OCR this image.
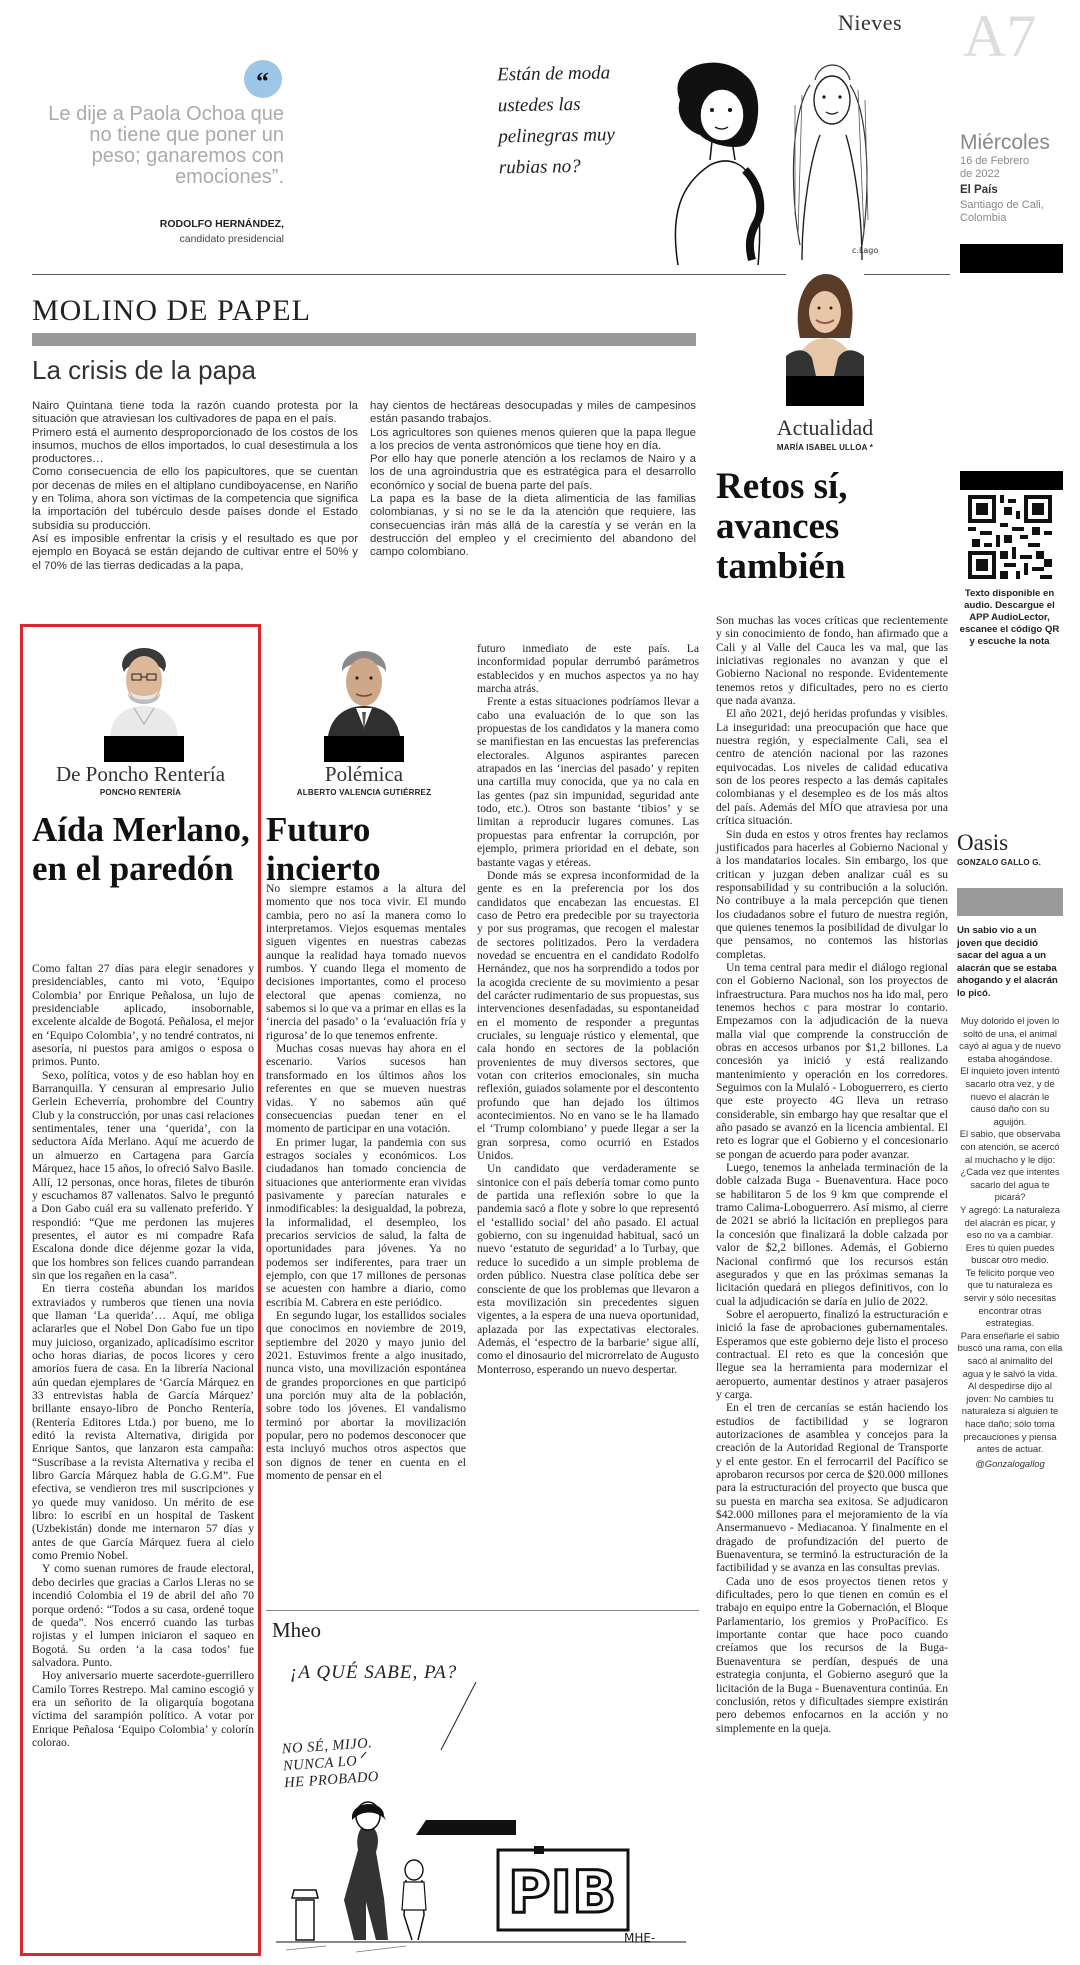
Nieves A7
Miércoles
16 de Febrero
de 2022
El País
Santiago de Cali,
Colombia
“
Le dije a Paola Ochoa que no tiene que poner un peso; ganaremos con emociones”.
RODOLFO HERNÁNDEZ,
candidato presidencial
c.Lago
Están de moda ustedes las pelinegras muy rubias no?
MOLINO DE PAPEL
La crisis de la papa
Nairo Quintana tiene toda la razón cuando protesta por la situación que atraviesan los cultivadores de papa en el país.
Primero está el aumento desproporcionado de los costos de los insumos, muchos de ellos importados, lo cual desestimula a los productores…
Como consecuencia de ello los papicultores, que se cuentan por decenas de miles en el altiplano cundiboyacense, en Nariño y en Tolima, ahora son víctimas de la competencia que significa la importación del tubérculo desde países donde el Estado subsidia su producción.
Así es imposible enfrentar la crisis y el resultado es que por ejemplo en Boyacá se están dejando de cultivar entre el 50% y el 70% de las tierras dedicadas a la papa,
hay cientos de hectáreas desocupadas y miles de campesinos están pasando trabajos.
Los agricultores son quienes menos quieren que la papa llegue a los precios de venta astronómicos que tiene hoy en día.
Por ello hay que ponerle atención a los reclamos de Nairo y a los de una agroindustria que es estratégica para el desarrollo económico y social de buena parte del país.
La papa es la base de la dieta alimenticia de las familias colombianas, y si no se le da la atención que requiere, las consecuencias irán más allá de la carestía y se verán en la destrucción del empleo y el crecimiento del abandono del campo colombiano.
Actualidad
MARÍA ISABEL ULLOA *
Retos sí, avances también

Son muchas las voces críticas que recientemente y sin conocimiento de fondo, han afirmado que a Cali y al Valle del Cauca les va mal, que las iniciativas regionales no avanzan y que el Gobierno Nacional no responde. Evidentemente tenemos retos y dificultades, pero no es cierto que nada avanza.

El año 2021, dejó heridas profundas y visibles. La inseguridad: una preocupación que hace que nuestra región, y especialmente Cali, sea el centro de atención nacional por las razones equivocadas. Los niveles de calidad educativa son de los peores respecto a las demás capitales colombianas y el desempleo es de los más altos del país. Además del MÍO que atraviesa por una crítica situación.

Sin duda en estos y otros frentes hay reclamos justificados para hacerles al Gobierno Nacional y a los mandatarios locales. Sin embargo, los que critican y juzgan deben analizar cuál es su responsabilidad y su contribución a la solución. No contribuye a la mala percepción que tienen los ciudadanos sobre el futuro de nuestra región, que quienes tenemos la posibilidad de divulgar lo que pensamos, no contemos las historias completas.

Un tema central para medir el diálogo regional con el Gobierno Nacional, son los proyectos de infraestructura. Para muchos nos ha ido mal, pero tenemos hechos c para mostrar lo contario. Empezamos con la adjudicación de la nueva malla vial que comprende la construcción de obras en accesos urbanos por $1,2 billones. La concesión ya inició y está realizando mantenimiento y operación en los corredores. Seguimos con la Mulaló - Loboguerrero, es cierto que este proyecto 4G lleva un retraso considerable, sin embargo hay que resaltar que el año pasado se avanzó en la licencia ambiental. El reto es lograr que el Gobierno y el concesionario se pongan de acuerdo para poder avanzar.

Luego, tenemos la anhelada terminación de la doble calzada Buga - Buenaventura. Hace poco se habilitaron 5 de los 9 km que comprende el tramo Calima-Loboguerrero. Así mismo, al cierre de 2021 se abrió la licitación en prepliegos para la concesión que finalizará la doble calzada por valor de $2,2 billones. Además, el Gobierno Nacional confirmó que los recursos están asegurados y que en las próximas semanas la licitación quedará en pliegos definitivos, con lo cual la adjudicación se daría en julio de 2022.

Sobre el aeropuerto, finalizó la estructuración e inició la fase de aprobaciones gubernamentales. Esperamos que este gobierno deje listo el proceso contractual. El reto es que la concesión que llegue sea la herramienta para modernizar el aeropuerto, aumentar destinos y atraer pasajeros y carga.

En el tren de cercanías se están haciendo los estudios de factibilidad y se lograron autorizaciones de asamblea y concejos para la creación de la Autoridad Regional de Transporte y el ente gestor. En el ferrocarril del Pacífico se aprobaron recursos por cerca de $20.000 millones para la estructuración del proyecto que busca que su puesta en marcha sea exitosa. Se adjudicaron $42.000 millones para el mejoramiento de la vía Ansermanuevo - Mediacanoa. Y finalmente en el dragado de profundización del puerto de Buenaventura, se terminó la estructuración de la factibilidad y se avanza en las consultas previas.

Cada uno de esos proyectos tienen retos y dificultades, pero lo que tienen en común es el trabajo en equipo entre la Gobernación, el Bloque Parlamentario, los gremios y ProPacífico. Es importante contar que hace poco cuando creíamos que los recursos de la Buga-Buenaventura se perdían, después de una estrategia conjunta, el Gobierno aseguró que la licitación de la Buga - Buenaventura continúa. En conclusión, retos y dificultades siempre existirán pero debemos enfocarnos en la acción y no simplemente en la queja.

Texto disponible en audio. Descargue el APP AudioLector, escanee el código QR y escuche la nota
Oasis
GONZALO GALLO G.
Un sabio vio a un joven que decidió sacar del agua a un alacrán que se estaba ahogando y el alacrán lo picó.

Muy dolorido el joven lo soltó de una, el animal cayó al agua y de nuevo estaba ahogándose.

El inquieto joven intentó sacarlo otra vez, y de nuevo el alacrán le causó daño con su aguijón.

El sabio, que observaba con atención, se acercó al muchacho y le dijo: ¿Cada vez que intentes sacarlo del agua te picará?

Y agregó: La naturaleza del alacrán es picar, y eso no va a cambiar. Eres tú quien puedes buscar otro medio.

Te felicito porque veo que tu naturaleza es servir y sólo necesitas encontrar otras estrategias.

Para enseñarle el sabio buscó una rama, con ella sacó al animalito del agua y le salvó la vida.

Al despedirse dijo al joven: No cambies tu naturaleza si alguien te hace daño; sólo toma precauciones y piensa antes de actuar.

@Gonzalogallog

De Poncho Rentería
PONCHO RENTERÍA
Aída Merlano, en el paredón

Como faltan 27 días para elegir senadores y presidenciables, canto mi voto, ‘Equipo Colombia’ por Enrique Peñalosa, un lujo de presidenciable aplicado, insobornable, excelente alcalde de Bogotá. Peñalosa, el mejor en ‘Equipo Colombia’, y no tendré contratos, ni asesoría, ni puestos para amigos o esposa o primos. Punto.

Sexo, política, votos y de eso hablan hoy en Barranquilla. Y censuran al empresario Julio Gerlein Echeverría, prohombre del Country Club y la construcción, por unas casi relaciones sentimentales, tener una ‘querida’, con la seductora Aída Merlano. Aquí me acuerdo de un almuerzo en Cartagena para García Márquez, hace 15 años, lo ofreció Salvo Basile. Allí, 12 personas, once horas, filetes de tiburón y escuchamos 87 vallenatos. Salvo le preguntó a Don Gabo cuál era su vallenato preferido. Y respondió: “Que me perdonen las mujeres presentes, el autor es mi compadre Rafa Escalona donde dice déjenme gozar la vida, que los hombres son felices cuando parrandean sin que los regañen en la casa”.

En tierra costeña abundan los maridos extraviados y rumberos que tienen una novia que llaman ‘La querida’… Aquí, me obliga aclararles que el Nobel Don Gabo fue un tipo muy juicioso, organizado, aplicadísimo escritor ocho horas diarias, de pocos licores y cero amoríos fuera de casa. En la librería Nacional aún quedan ejemplares de ‘García Márquez en 33 entrevistas habla de García Márquez’ brillante ensayo-libro de Poncho Rentería, (Rentería Editores Ltda.) por bueno, me lo editó la revista Alternativa, dirigida por Enrique Santos, que lanzaron esta campaña: “Suscríbase a la revista Alternativa y reciba el libro García Márquez habla de G.G.M”. Fue efectiva, se vendieron tres mil suscripciones y yo quede muy vanidoso. Un mérito de ese libro: lo escribí en un hospital de Taskent (Uzbekistán) donde me internaron 57 días y antes de que García Márquez fuera al cielo como Premio Nobel.

Y como suenan rumores de fraude electoral, debo decirles que gracias a Carlos Lleras no se incendió Colombia el 19 de abril del año 70 porque ordenó: “Todos a su casa, ordené toque de queda”. Nos encerró cuando las turbas rojistas y el lumpen iniciaron el saqueo en Bogotá. Su orden ‘a la casa todos’ fue salvadora. Punto.

Hoy aniversario muerte sacerdote-guerrillero Camilo Torres Restrepo. Mal camino escogió y era un señorito de la oligarquía bogotana víctima del sarampión político. A votar por Enrique Peñalosa ‘Equipo Colombia’ y colorín colorao.

Polémica
ALBERTO VALENCIA GUTIÉRREZ
Futuro incierto

No siempre estamos a la altura del momento que nos toca vivir. El mundo cambia, pero no así la manera como lo interpretamos. Viejos esquemas mentales siguen vigentes en nuestras cabezas aunque la realidad haya tomado nuevos rumbos. Y cuando llega el momento de decisiones importantes, como el proceso electoral que apenas comienza, no sabemos si lo que va a primar en ellas es la ‘inercia del pasado’ o la ‘evaluación fría y rigurosa’ de lo que tenemos enfrente.

Muchas cosas nuevas hay ahora en el escenario. Varios sucesos han transformado en los últimos años los referentes en que se mueven nuestras vidas. Y no sabemos aún qué consecuencias puedan tener en el momento de participar en una votación.

En primer lugar, la pandemia con sus estragos sociales y económicos. Los ciudadanos han tomado conciencia de situaciones que anteriormente eran vividas pasivamente y parecían naturales e inmodificables: la desigualdad, la pobreza, la informalidad, el desempleo, los precarios servicios de salud, la falta de oportunidades para jóvenes. Ya no podemos ser indiferentes, para traer un ejemplo, con que 17 millones de personas se acuesten con hambre a diario, como escribía M. Cabrera en este periódico.

En segundo lugar, los estallidos sociales que conocimos en noviembre de 2019, septiembre del 2020 y mayo junio del 2021. Estuvimos frente a algo inusitado, nunca visto, una movilización espontánea de grandes proporciones en que participó una porción muy alta de la población, sobre todo los jóvenes. El vandalismo terminó por abortar la movilización popular, pero no podemos desconocer que esta incluyó muchos otros aspectos que son dignos de tener en cuenta en el momento de pensar en el

futuro inmediato de este país. La inconformidad popular derrumbó parámetros establecidos y en muchos aspectos ya no hay marcha atrás.

Frente a estas situaciones podríamos llevar a cabo una evaluación de lo que son las propuestas de los candidatos y la manera como se manifiestan en las encuestas las preferencias electorales. Algunos aspirantes parecen atrapados en las ‘inercias del pasado’ y repiten una cartilla muy conocida, que ya no cala en las gentes (paz sin impunidad, seguridad ante todo, etc.). Otros son bastante ‘tibios’ y se limitan a reproducir lugares comunes. Las propuestas para enfrentar la corrupción, por ejemplo, primera prioridad en el debate, son bastante vagas y etéreas.

Donde más se expresa inconformidad de la gente es en la preferencia por los dos candidatos que encabezan las encuestas. El caso de Petro era predecible por su trayectoria y por sus programas, que recogen el malestar de sectores politizados. Pero la verdadera novedad se encuentra en el candidato Rodolfo Hernández, que nos ha sorprendido a todos por la acogida creciente de su movimiento a pesar del carácter rudimentario de sus propuestas, sus intervenciones desenfadadas, su espontaneidad en el momento de responder a preguntas cruciales, su lenguaje rústico y elemental, que cala hondo en sectores de la población provenientes de muy diversos sectores, que votan con criterios emocionales, sin mucha reflexión, guiados solamente por el descontento profundo que han dejado los últimos acontecimientos. No en vano se le ha llamado el ‘Trump colombiano’ y puede llegar a ser la gran sorpresa, como ocurrió en Estados Unidos.

Un candidato que verdaderamente se sintonice con el país debería tomar como punto de partida una reflexión sobre lo que la pandemia sacó a flote y sobre lo que representó el ‘estallido social’ del año pasado. El actual gobierno, con su ingenuidad habitual, sacó un nuevo ‘estatuto de seguridad’ a lo Turbay, que reduce lo sucedido a un simple problema de orden público. Nuestra clase política debe ser consciente de que los problemas que llevaron a esta movilización sin precedentes siguen vigentes, a la espera de una nueva oportunidad, aplazada por las expectativas electorales. Además, el ‘espectro de la barbarie’ sigue allí, como el dinosaurio del microrrelato de Augusto Monterroso, esperando un nuevo despertar.

Mheo
PIB
MHE-
¡A QUÉ SABE, PA?
NO SÉ, MIJO. NUNCA LO HE PROBADO
